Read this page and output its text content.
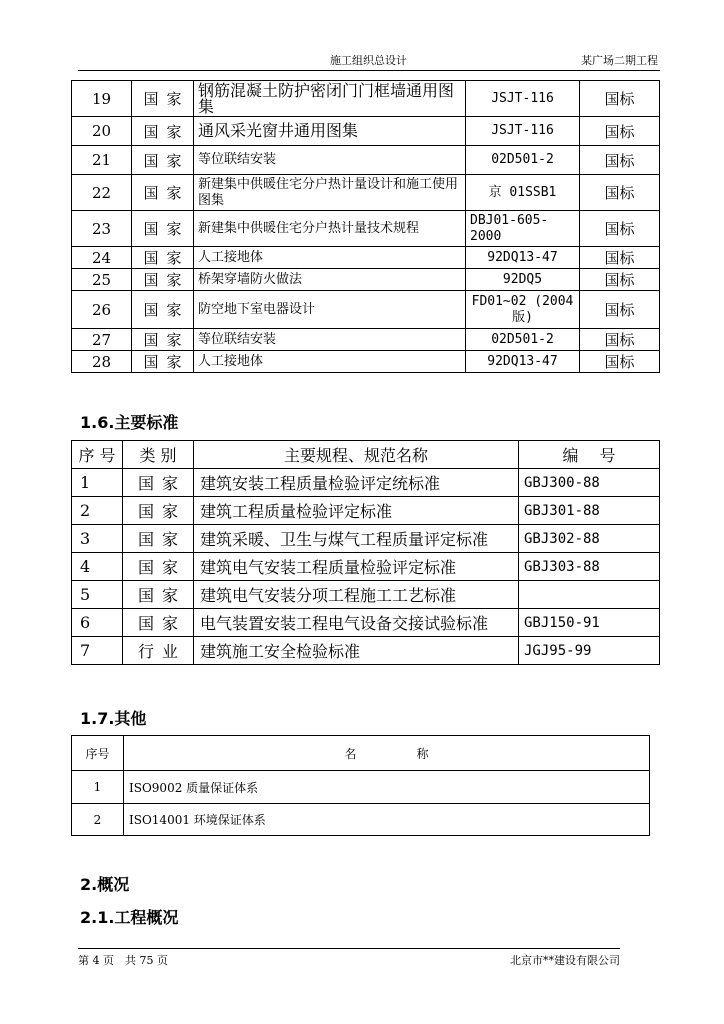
施工组织总设计	某广场二期工程
19	国家	钢筋混凝土防护密闭门门框墙通用图集	JSJT-116	国标
20	国家	通风采光窗井通用图集	JSJT-116	国标
21	国家	等位联结安装	02D501-2	国标
22	国家	新建集中供暖住宅分户热计量设计和施工使用图集	京 01SSB1	国标
23	国家	新建集中供暖住宅分户热计量技术规程	DBJ01-605-2000	国标
24	国家	人工接地体	92DQ13-47	国标
25	国家	桥架穿墙防火做法	92DQ5	国标
26	国家	防空地下室电器设计	FD01~02 (2004 版)	国标
27	国家	等位联结安装	02D501-2	国标
28	国家	人工接地体	92DQ13-47	国标
1.6.主要标准
序 号	类 别	主要规程、规范名称	编　 号
1	国家	建筑安装工程质量检验评定统标准	GBJ300-88
2	国家	建筑工程质量检验评定标准	GBJ301-88
3	国家	建筑采暖、卫生与煤气工程质量评定标准	GBJ302-88
4	国家	建筑电气安装工程质量检验评定标准	GBJ303-88
5	国家	建筑电气安装分项工程施工工艺标准	
6	国家	电气装置安装工程电气设备交接试验标准	GBJ150-91
7	行业	建筑施工安全检验标准	JGJ95-99
1.7.其他
序号	名　　　　　称
1	ISO9002 质量保证体系
2	ISO14001 环境保证体系
2.概况
2.1.工程概况
第 4 页　共 75 页	北京市**建设有限公司
